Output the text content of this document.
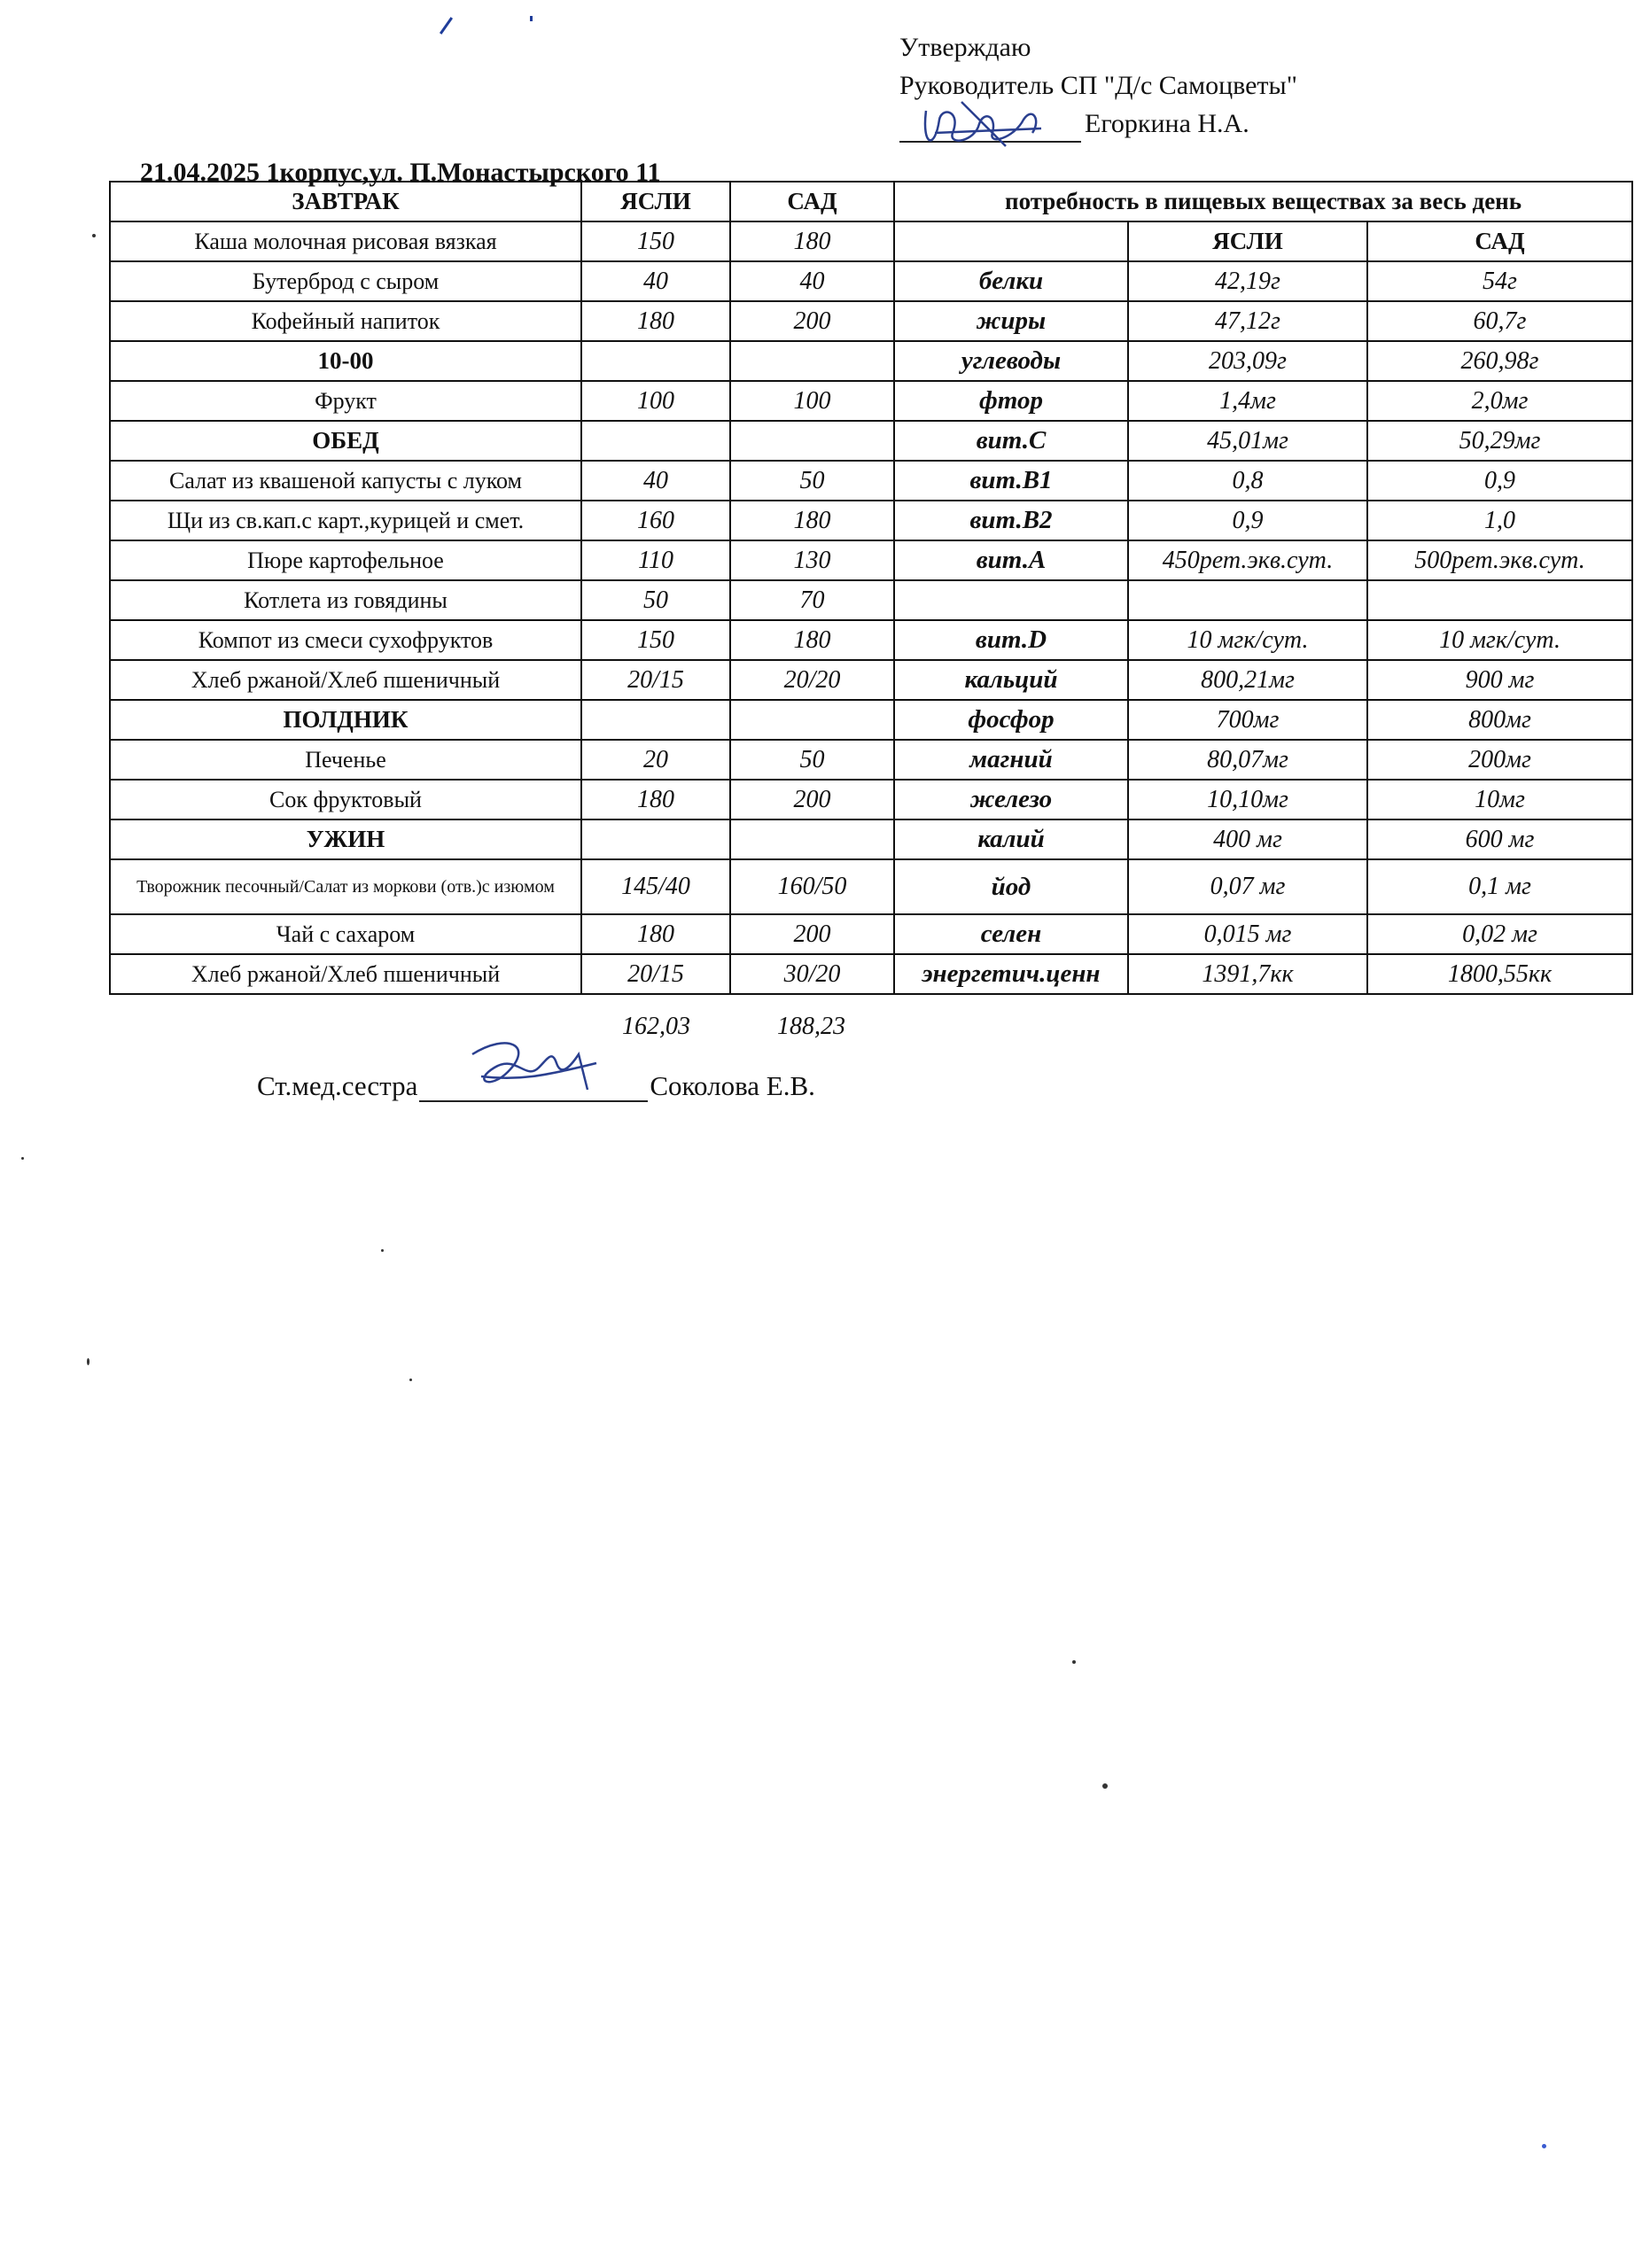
Утверждаю
Руководитель СП "Д/с Самоцветы"
Егоркина Н.А.
21.04.2025 1корпус,ул. П.Монастырского 11
ЗАВТРАК	ЯСЛИ	САД	потребность в пищевых веществах за весь день		
Каша молочная рисовая вязкая	150	180		ЯСЛИ	САД
Бутерброд с сыром	40	40	белки	42,19г	54г
Кофейный напиток	180	200	жиры	47,12г	60,7г
10-00			углеводы	203,09г	260,98г
Фрукт	100	100	фтор	1,4мг	2,0мг
ОБЕД			вит.С	45,01мг	50,29мг
Салат из квашеной капусты с луком	40	50	вит.В1	0,8	0,9
Щи из св.кап.с карт.,курицей и смет.	160	180	вит.В2	0,9	1,0
Пюре картофельное	110	130	вит.А	450рет.экв.сут.	500рет.экв.сут.
Котлета из говядины	50	70			
Компот из смеси сухофруктов	150	180	вит.D	10 мгк/сут.	10 мгк/сут.
Хлеб ржаной/Хлеб пшеничный	20/15	20/20	кальций	800,21мг	900 мг
ПОЛДНИК			фосфор	700мг	800мг
Печенье	20	50	магний	80,07мг	200мг
Сок фруктовый	180	200	железо	10,10мг	10мг
УЖИН			калий	400 мг	600 мг
Творожник песочный/Салат из моркови (отв.)с изюмом	145/40	160/50	йод	0,07 мг	0,1 мг
Чай с сахаром	180	200	селен	0,015 мг	0,02 мг
Хлеб ржаной/Хлеб пшеничный	20/15	30/20	энергетич.ценн	1391,7кк	1800,55кк
162,03	188,23
Ст.мед.сестра	Соколова Е.В.
